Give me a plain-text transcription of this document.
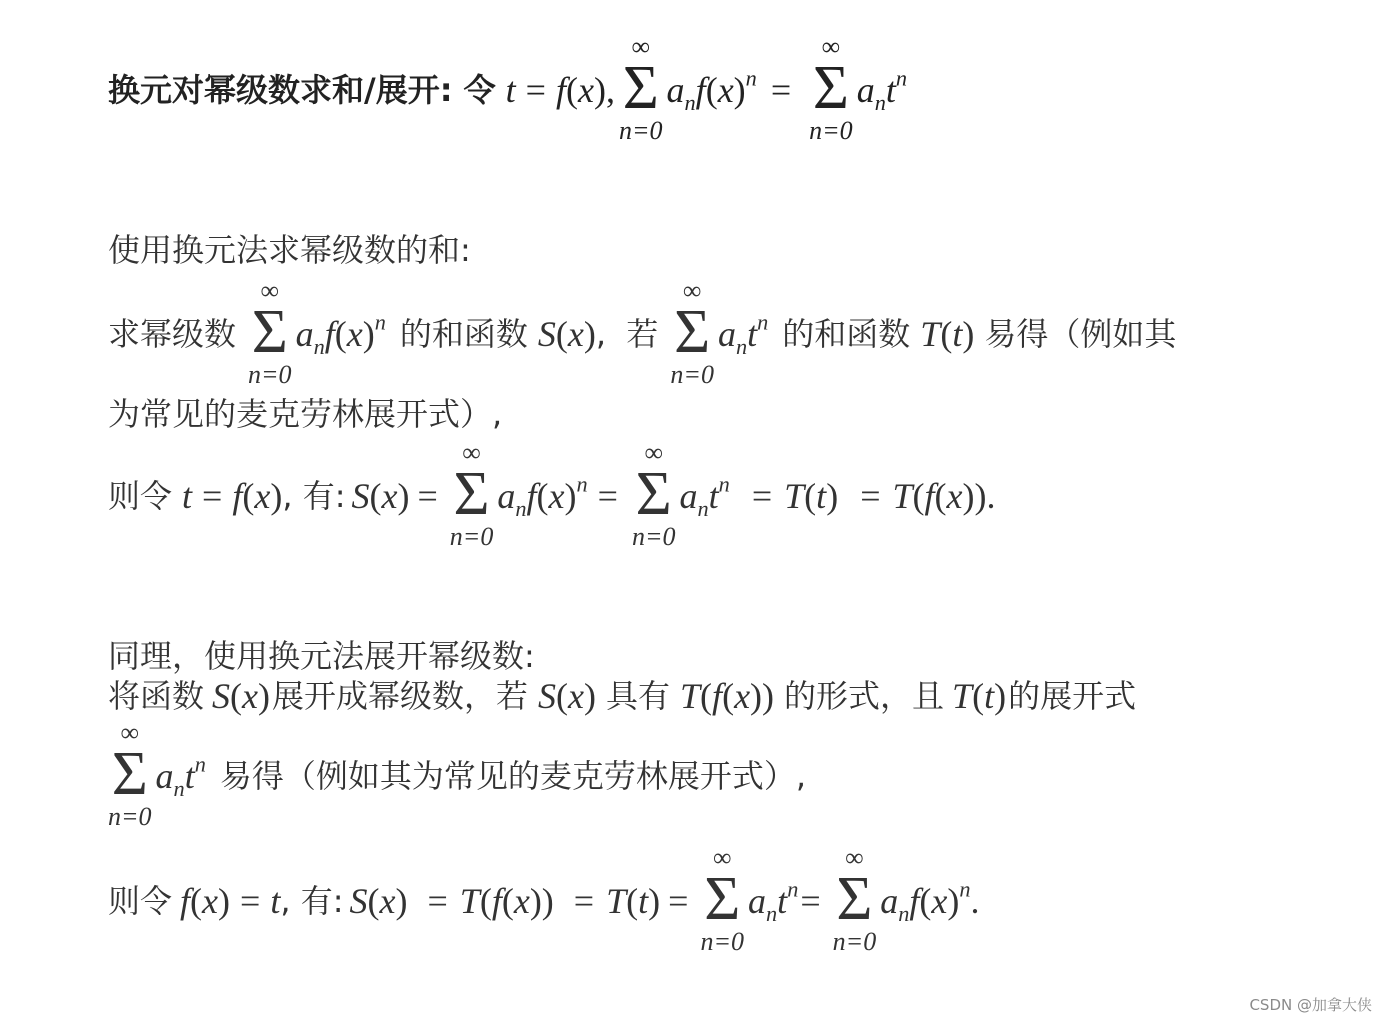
换元对幂级数求和/展开: 令 t = f ( x ),
∞
Σ
n=0
$a_nf(x)^n$ =
∞
Σ
n=0
$a_nt^n$
使用换元法求幂级数的和:
求幂级数
∞
Σ
n=0
$a_nf(x)^n$ 的和函数 S(x) , 若
∞
Σ
n=0
$a_nt^n$ 的和函数 T(t) 易得（例如其
为常见的麦克劳林展开式）,
则令 t = f(x) , 有: S(x) =
∞
Σ
n=0
$a_nf(x)^n$ =
∞
Σ
n=0
$a_nt^n = T(t) = T(f(x))$.
同理，使用换元法展开幂级数:
将函数 S(x) 展开成幂级数，若 S(x) 具有 T(f(x)) 的形式，且 T(t) 的展开式
∞
Σ
n=0
$a_nt^n$ 易得（例如其为常见的麦克劳林展开式）,
则令 f(x) = t , 有: S(x) = T(f(x)) = T(t) =
∞
Σ
n=0
$a_nt^n$ =
∞
Σ
n=0
$a_nf(x)^n$.
CSDN @加拿大侠
